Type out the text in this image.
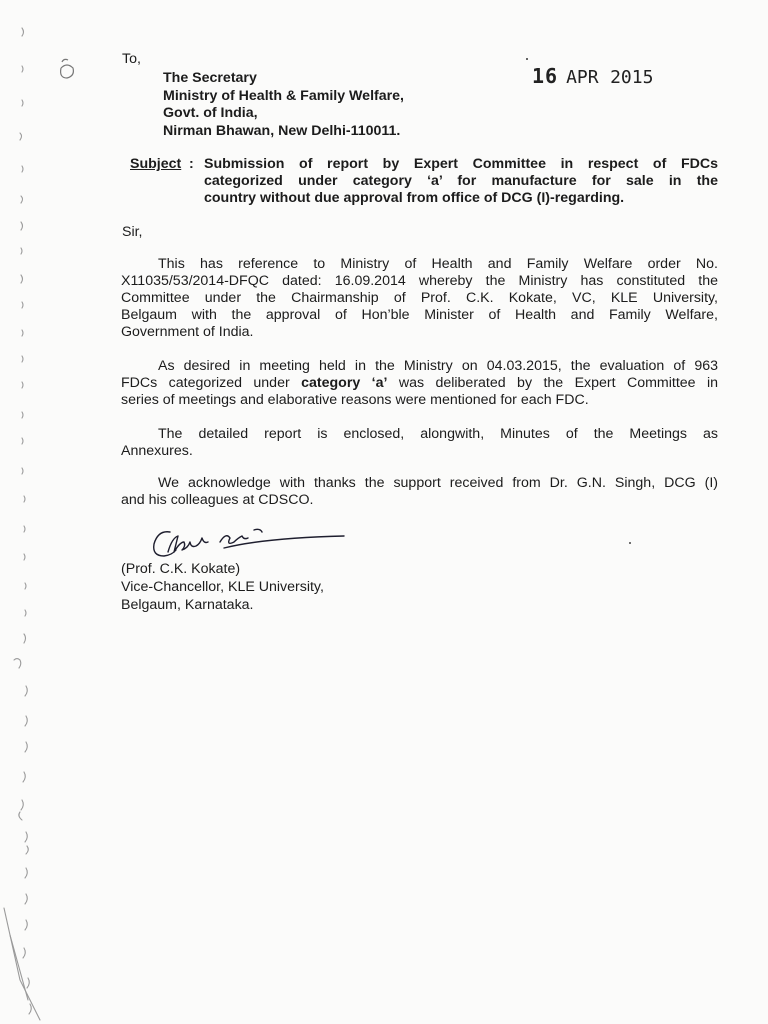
To,
The Secretary
Ministry of Health & Family Welfare,
Govt. of India,
Nirman Bhawan, New Delhi-110011.
16 APR 2015
Subject : Submission of report by Expert Committee in respect of FDCs
categorized under category ‘a’ for manufacture for sale in the
country without due approval from office of DCG (I)-regarding.
Sir,
This has reference to Ministry of Health and Family Welfare order No.
X11035/53/2014-DFQC dated: 16.09.2014 whereby the Ministry has constituted the
Committee under the Chairmanship of Prof. C.K. Kokate, VC, KLE University,
Belgaum with the approval of Hon’ble Minister of Health and Family Welfare,
Government of India.
As desired in meeting held in the Ministry on 04.03.2015, the evaluation of 963
FDCs categorized under category ‘a’ was deliberated by the Expert Committee in
series of meetings and elaborative reasons were mentioned for each FDC.
The detailed report is enclosed, alongwith, Minutes of the Meetings as
Annexures.
We acknowledge with thanks the support received from Dr. G.N. Singh, DCG (I)
and his colleagues at CDSCO.
(Prof. C.K. Kokate)
Vice-Chancellor, KLE University,
Belgaum, Karnataka.
